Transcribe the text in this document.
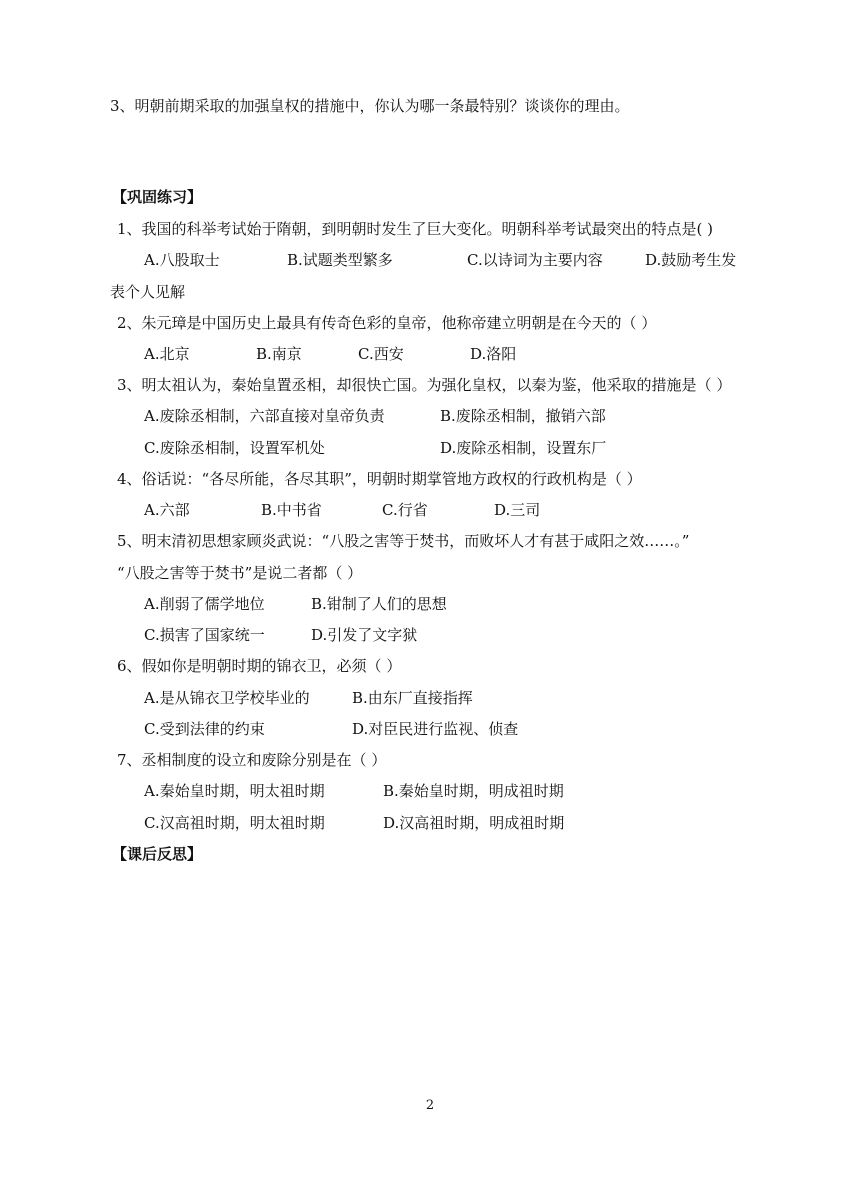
3、明朝前期采取的加强皇权的措施中，你认为哪一条最特别？谈谈你的理由。
【巩固练习】
1、我国的科举考试始于隋朝，到明朝时发生了巨大变化。明朝科举考试最突出的特点是( )
A.八股取士	B.试题类型繁多	C.以诗词为主要内容	D.鼓励考生发
表个人见解
2、朱元璋是中国历史上最具有传奇色彩的皇帝，他称帝建立明朝是在今天的（ ）
A.北京	B.南京	C.西安	D.洛阳
3、明太祖认为，秦始皇置丞相，却很快亡国。为强化皇权，以秦为鉴，他采取的措施是（ ）
A.废除丞相制，六部直接对皇帝负责	B.废除丞相制，撤销六部
C.废除丞相制，设置军机处	D.废除丞相制，设置东厂
4、俗话说：“各尽所能，各尽其职”，明朝时期掌管地方政权的行政机构是（ ）
A.六部	B.中书省	C.行省	D.三司
5、明末清初思想家顾炎武说：“八股之害等于焚书，而败坏人才有甚于咸阳之效……。”
“八股之害等于焚书”是说二者都（ ）
A.削弱了儒学地位	B.钳制了人们的思想
C.损害了国家统一	D.引发了文字狱
6、假如你是明朝时期的锦衣卫，必须（ ）
A.是从锦衣卫学校毕业的	B.由东厂直接指挥
C.受到法律的约束	D.对臣民进行监视、侦查
7、丞相制度的设立和废除分别是在（ ）
A.秦始皇时期，明太祖时期	B.秦始皇时期，明成祖时期
C.汉高祖时期，明太祖时期	D.汉高祖时期，明成祖时期
【课后反思】
2
